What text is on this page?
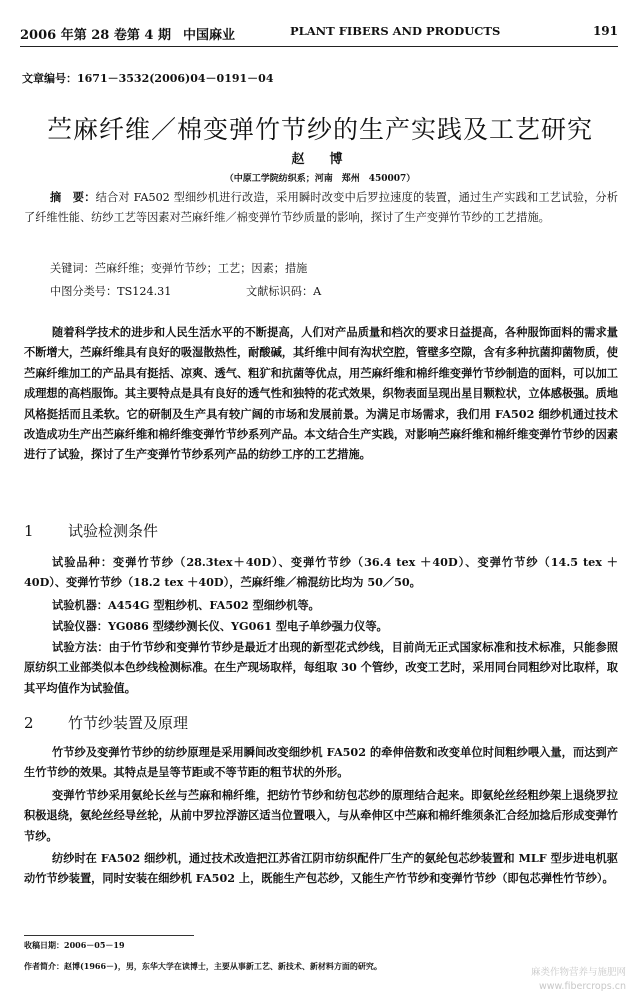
2006 年第 28 卷第 4 期 中国麻业	PLANT FIBERS AND PRODUCTS	191
文章编号：1671－3532(2006)04－0191－04
苎麻纤维／棉变弹竹节纱的生产实践及工艺研究
赵　博
（中原工学院纺织系；河南　郑州　450007）
摘　要：结合对 FA502 型细纱机进行改造，采用瞬时改变中后罗拉速度的装置，通过生产实践和工艺试验，分析了纤维性能、纺纱工艺等因素对苎麻纤维／棉变弹竹节纱质量的影响，探讨了生产变弹竹节纱的工艺措施。
关键词：苎麻纤维；变弹竹节纱；工艺；因素；措施
中图分类号：TS124.31	文献标识码：A
随着科学技术的进步和人民生活水平的不断提高，人们对产品质量和档次的要求日益提高，各种服饰面料的需求量不断增大，苎麻纤维具有良好的吸湿散热性，耐酸碱，其纤维中间有沟状空腔，管壁多空隙，含有多种抗菌抑菌物质，使苎麻纤维加工的产品具有挺括、凉爽、透气、粗犷和抗菌等优点，用苎麻纤维和棉纤维变弹竹节纱制造的面料，可以加工成理想的高档服饰。其主要特点是具有良好的透气性和独特的花式效果，织物表面呈现出星目颗粒状，立体感极强。质地风格挺括而且柔软。它的研制及生产具有较广阔的市场和发展前景。为满足市场需求，我们用 FA502 细纱机通过技术改造成功生产出苎麻纤维和棉纤维变弹竹节纱系列产品。本文结合生产实践，对影响苎麻纤维和棉纤维变弹竹节纱的因素进行了试验，探讨了生产变弹竹节纱系列产品的纺纱工序的工艺措施。
1 试验检测条件
试验品种：变弹竹节纱（28.3tex＋40D）、变弹竹节纱（36.4 tex ＋40D）、变弹竹节纱（14.5 tex ＋40D）、变弹竹节纱（18.2 tex ＋40D），苎麻纤维／棉混纺比均为 50／50。
试验机器：A454G 型粗纱机、FA502 型细纱机等。
试验仪器：YG086 型缕纱测长仪、YG061 型电子单纱强力仪等。
试验方法：由于竹节纱和变弹竹节纱是最近才出现的新型花式纱线，目前尚无正式国家标准和技术标准，只能参照原纺织工业部类似本色纱线检测标准。在生产现场取样，每组取 30 个管纱，改变工艺时，采用同台同粗纱对比取样，取其平均值作为试验值。
2 竹节纱装置及原理
竹节纱及变弹竹节纱的纺纱原理是采用瞬间改变细纱机 FA502 的牵伸倍数和改变单位时间粗纱喂入量，而达到产生竹节纱的效果。其特点是呈等节距或不等节距的粗节状的外形。
变弹竹节纱采用氨纶长丝与苎麻和棉纤维，把纺竹节纱和纺包芯纱的原理结合起来。即氨纶丝经粗纱架上退绕罗拉积极退绕，氨纶丝经导丝轮，从前中罗拉浮游区适当位置喂入，与从牵伸区中苎麻和棉纤维须条汇合经加捻后形成变弹竹节纱。
纺纱时在 FA502 细纱机，通过技术改造把江苏省江阴市纺织配件厂生产的氨纶包芯纱装置和 MLF 型步进电机驱动竹节纱装置，同时安装在细纱机 FA502 上，既能生产包芯纱，又能生产竹节纱和变弹竹节纱（即包芯弹性竹节纱）。
收稿日期：2006－05－19
作者简介：赵博(1966－)，男，东华大学在读博士，主要从事新工艺、新技术、新材料方面的研究。
麻类作物营养与施肥网
www.fibercrops.cn
